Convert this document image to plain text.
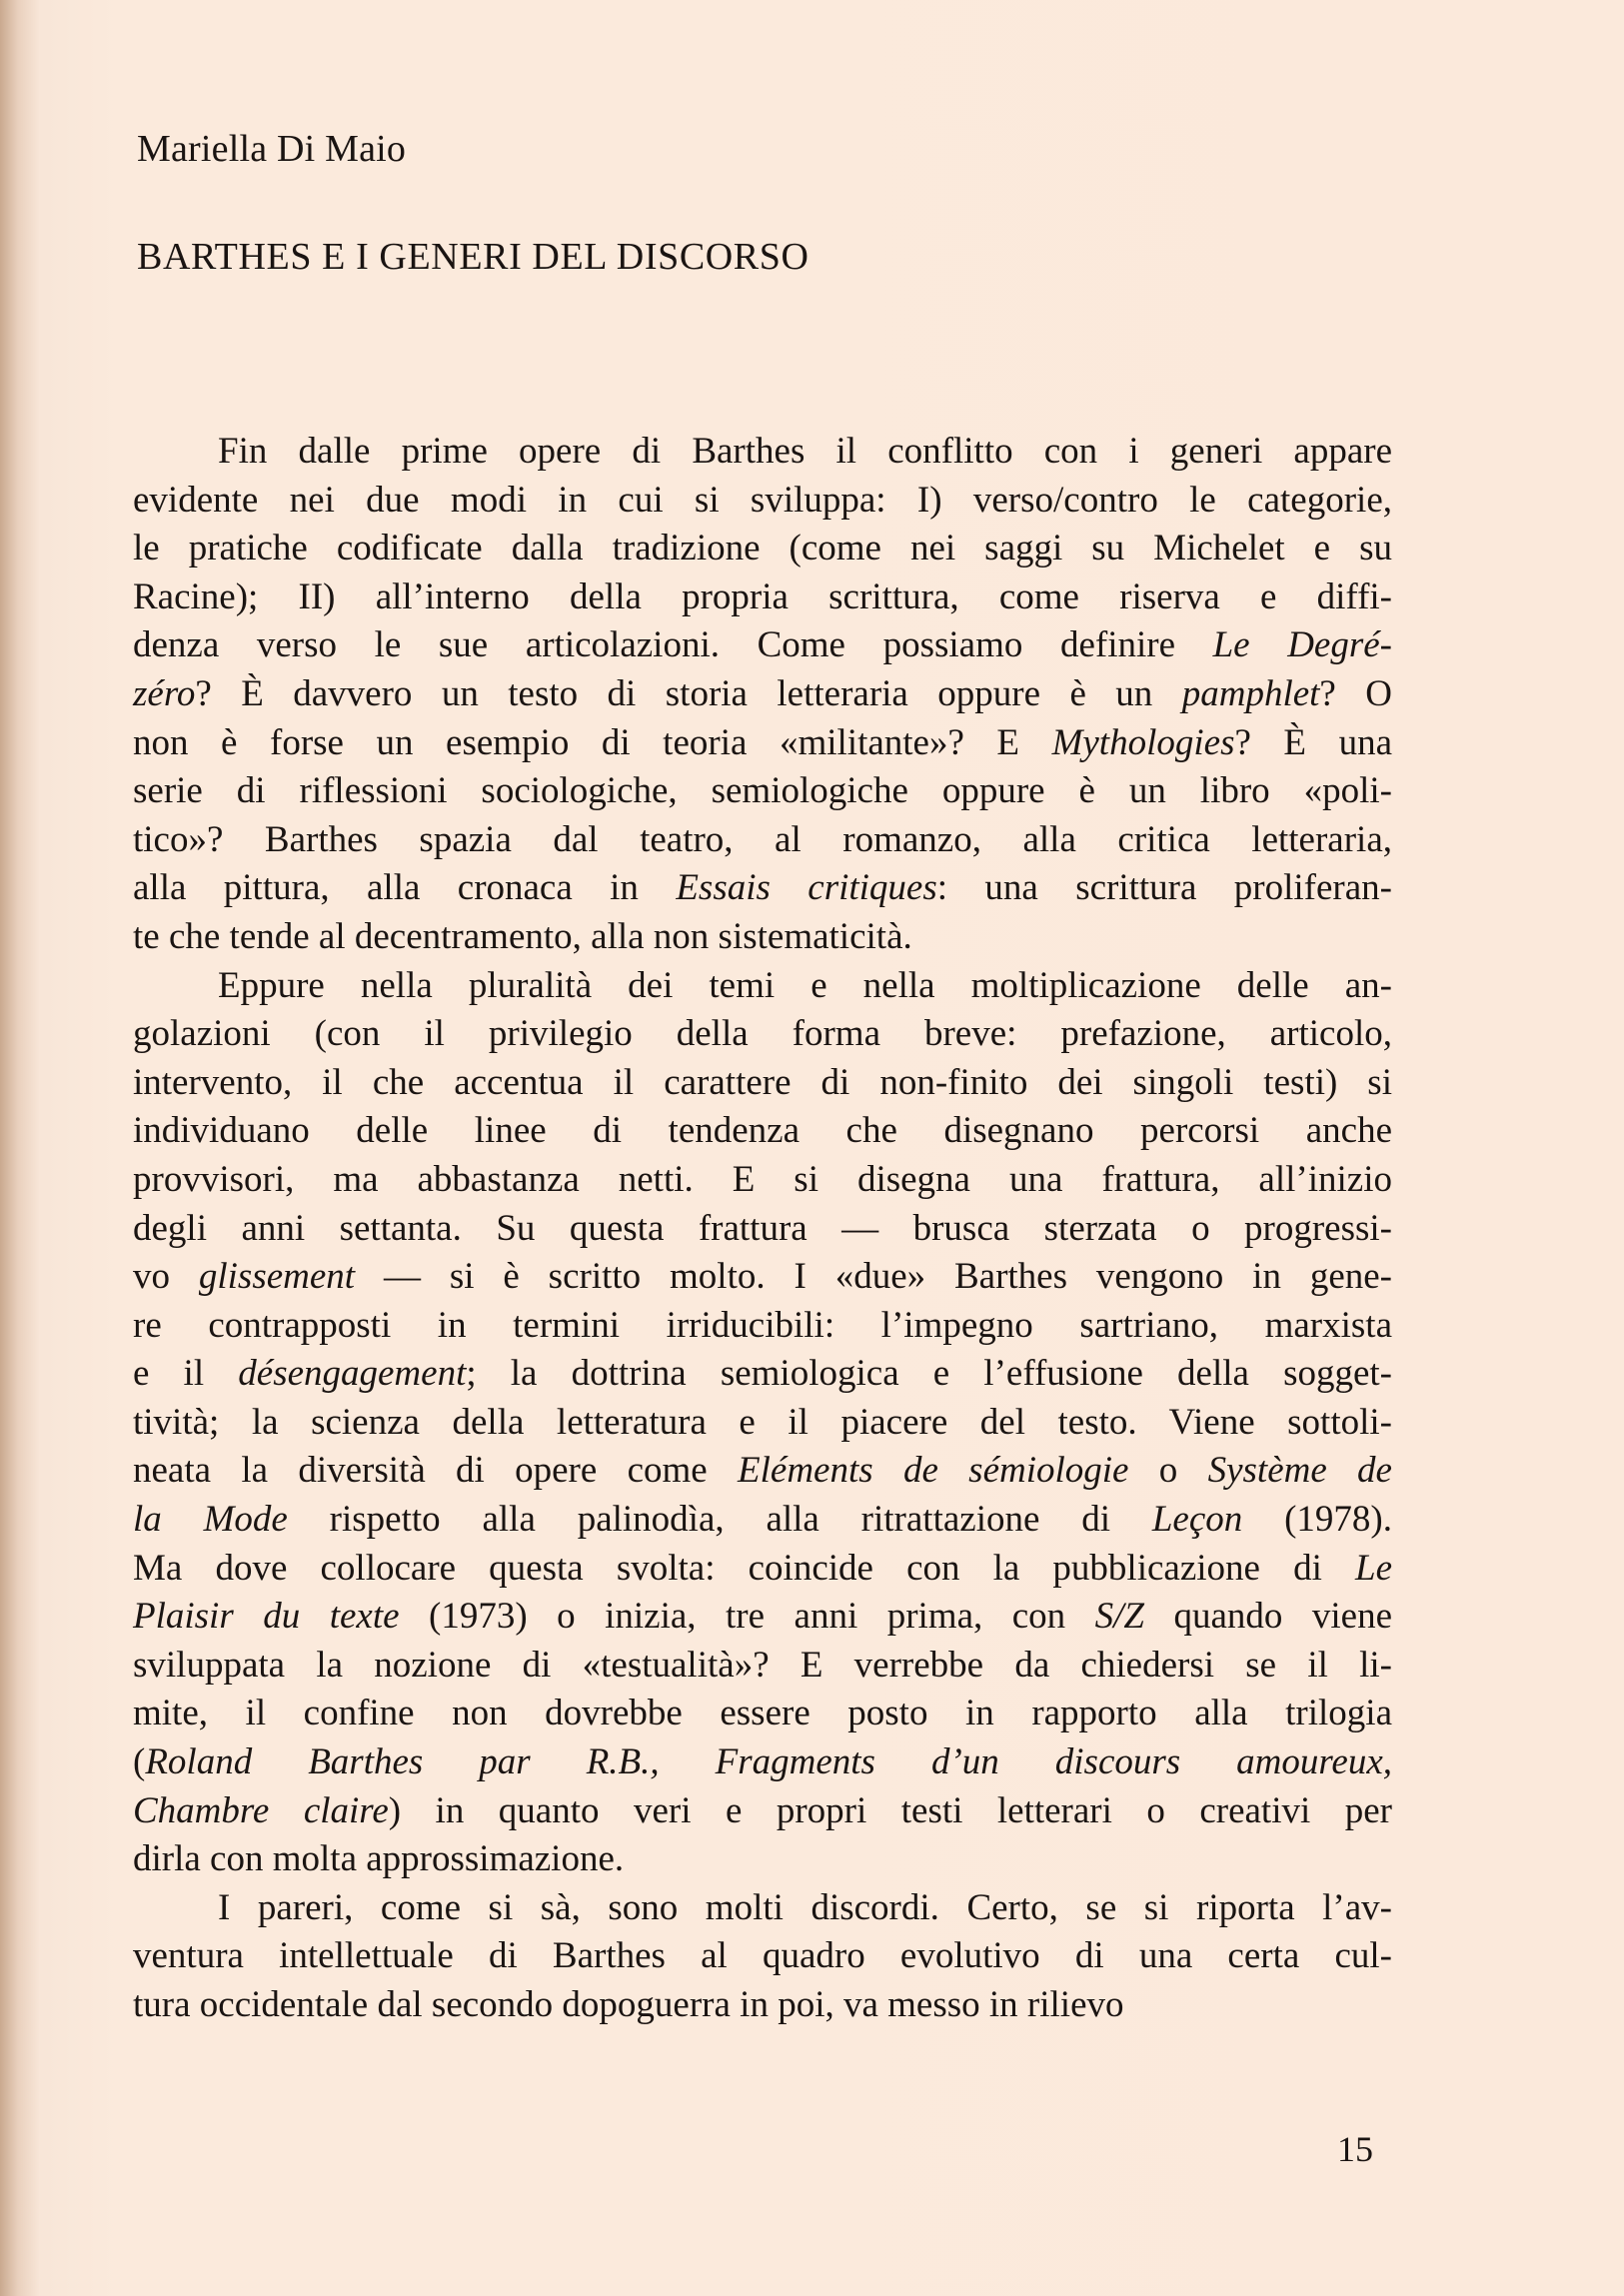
Mariella Di Maio
BARTHES E I GENERI DEL DISCORSO
Fin dalle prime opere di Barthes il conflitto con i generi appare
evidente nei due modi in cui si sviluppa: I) verso/contro le categorie,
le pratiche codificate dalla tradizione (come nei saggi su Michelet e su
Racine); II) all’interno della propria scrittura, come riserva e diffi-
denza verso le sue articolazioni. Come possiamo definire Le Degré-
zéro? È davvero un testo di storia letteraria oppure è un pamphlet? O
non è forse un esempio di teoria «militante»? E Mythologies? È una
serie di riflessioni sociologiche, semiologiche oppure è un libro «poli-
tico»? Barthes spazia dal teatro, al romanzo, alla critica letteraria,
alla pittura, alla cronaca in Essais critiques: una scrittura proliferan-
te che tende al decentramento, alla non sistematicità.
Eppure nella pluralità dei temi e nella moltiplicazione delle an-
golazioni (con il privilegio della forma breve: prefazione, articolo,
intervento, il che accentua il carattere di non-finito dei singoli testi) si
individuano delle linee di tendenza che disegnano percorsi anche
provvisori, ma abbastanza netti. E si disegna una frattura, all’inizio
degli anni settanta. Su questa frattura — brusca sterzata o progressi-
vo glissement — si è scritto molto. I «due» Barthes vengono in gene-
re contrapposti in termini irriducibili: l’impegno sartriano, marxista
e il désengagement; la dottrina semiologica e l’effusione della sogget-
tività; la scienza della letteratura e il piacere del testo. Viene sottoli-
neata la diversità di opere come Eléments de sémiologie o Système de
la Mode rispetto alla palinodìa, alla ritrattazione di Leçon (1978).
Ma dove collocare questa svolta: coincide con la pubblicazione di Le
Plaisir du texte (1973) o inizia, tre anni prima, con S/Z quando viene
sviluppata la nozione di «testualità»? E verrebbe da chiedersi se il li-
mite, il confine non dovrebbe essere posto in rapporto alla trilogia
(Roland Barthes par R.B., Fragments d’un discours amoureux,
Chambre claire) in quanto veri e propri testi letterari o creativi per
dirla con molta approssimazione.
I pareri, come si sà, sono molti discordi. Certo, se si riporta l’av-
ventura intellettuale di Barthes al quadro evolutivo di una certa cul-
tura occidentale dal secondo dopoguerra in poi, va messo in rilievo
15
